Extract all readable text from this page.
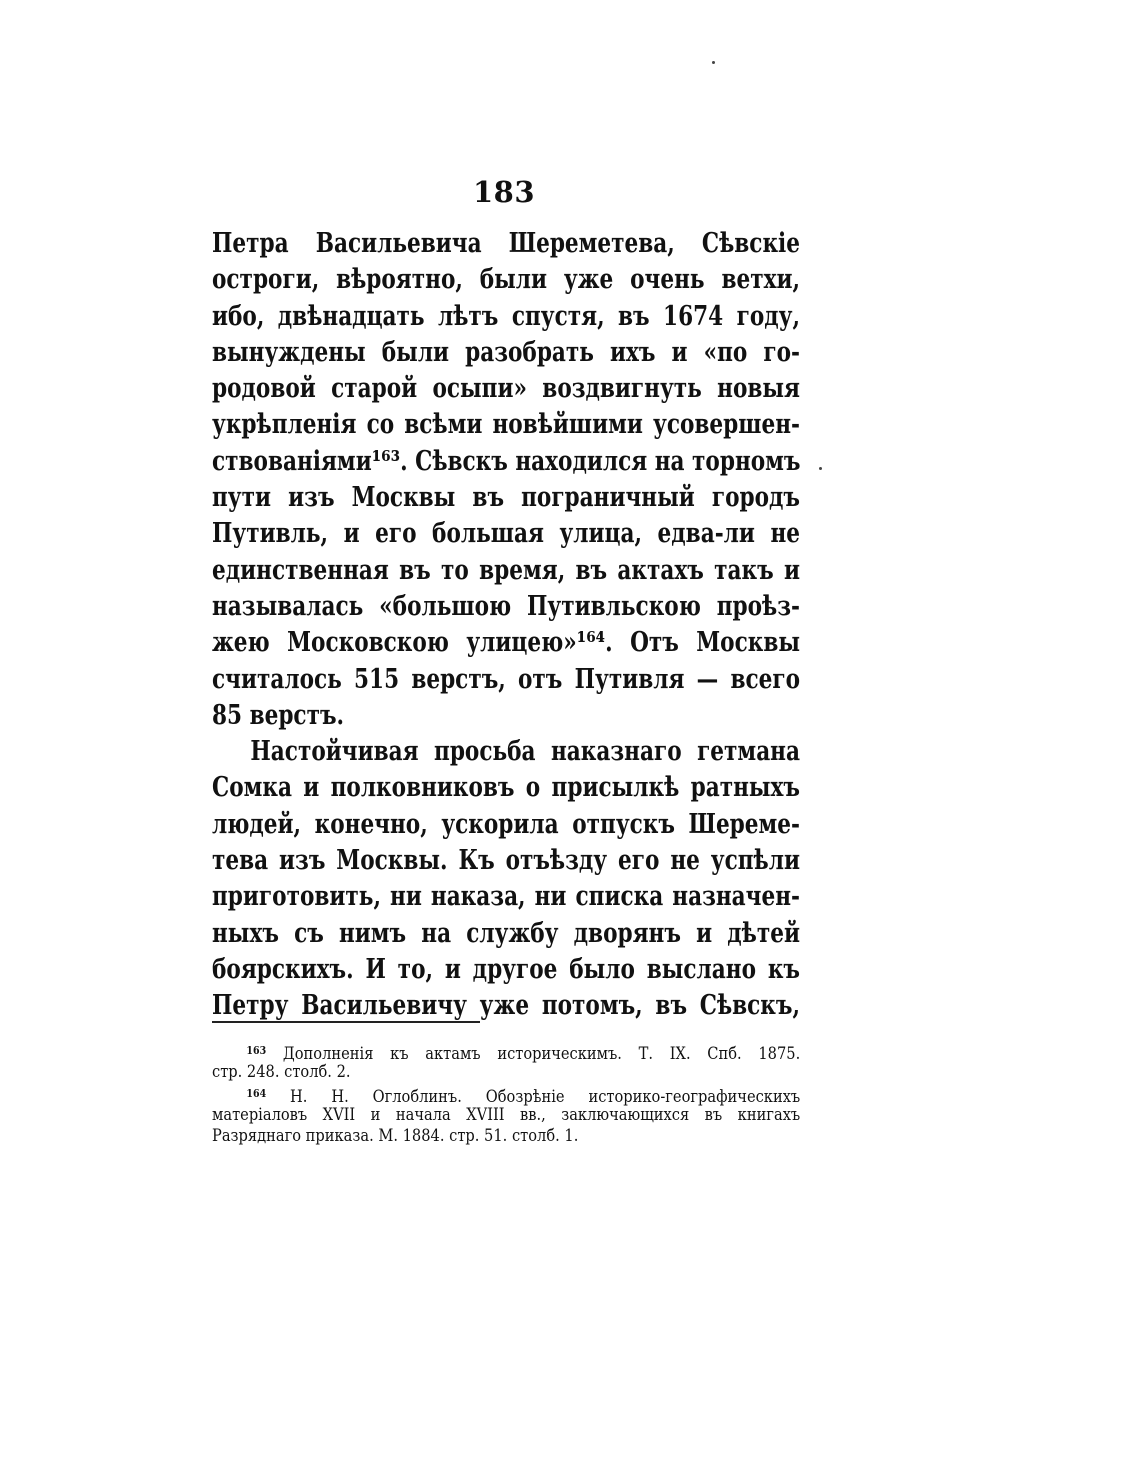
183
Петра Васильевича Шереметева, Сѣвскіе
остроги, вѣроятно, были уже очень ветхи,
ибо, двѣнадцать лѣтъ спустя, въ 1674 году,
вынуждены были разобрать ихъ и «по го-
родовой старой осыпи» воздвигнуть новыя
укрѣпленія со всѣми новѣйшими усовершен-
ствованіями¹⁶³. Сѣвскъ находился на торномъ
пути изъ Москвы въ пограничный городъ
Путивль, и его большая улица, едва-ли не
единственная въ то время, въ актахъ такъ и
называлась «большою Путивльскою проѣз-
жею Московскою улицею»¹⁶⁴. Отъ Москвы
считалось 515 верстъ, отъ Путивля — всего
85 верстъ.
Настойчивая просьба наказнаго гетмана
Сомка и полковниковъ о присылкѣ ратныхъ
людей, конечно, ускорила отпускъ Шереме-
тева изъ Москвы. Къ отъѣзду его не успѣли
приготовить, ни наказа, ни списка назначен-
ныхъ съ нимъ на службу дворянъ и дѣтей
боярскихъ. И то, и другое было выслано къ
Петру Васильевичу уже потомъ, въ Сѣвскъ,
$^{163}$ Дополненія къ актамъ историческимъ. Т. IX. Спб. 1875.
стр. 248. столб. 2.
$^{164}$ Н. Н. Оглоблинъ. Обозрѣніе историко-географическихъ
матеріаловъ XVII и начала XVIII вв., заключающихся въ книгахъ
Разряднаго приказа. М. 1884. стр. 51. столб. 1.
